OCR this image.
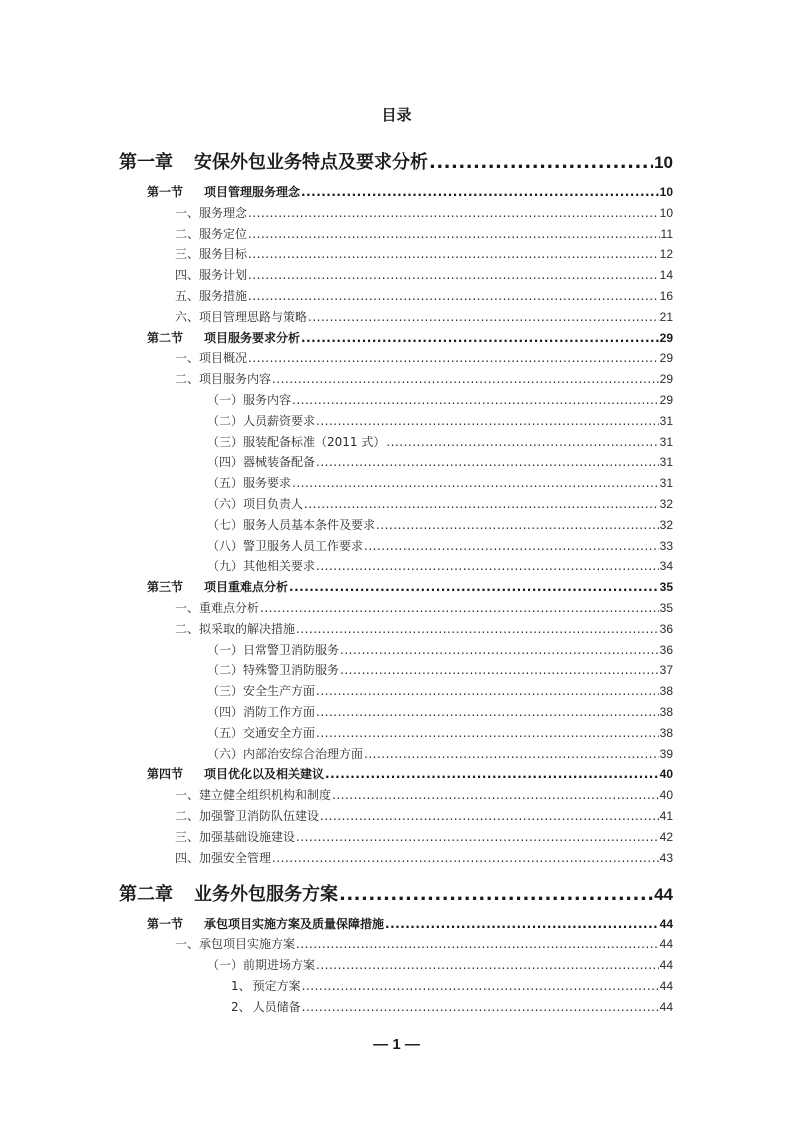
目录
第一章	安保外包业务特点及要求分析 .....	10
第一节	项目管理服务理念 .....	10
一、服务理念 .....	10
二、服务定位 .....	11
三、服务目标 .....	12
四、服务计划 .....	14
五、服务措施 .....	16
六、项目管理思路与策略 .....	21
第二节	项目服务要求分析 .....	29
一、项目概况 .....	29
二、项目服务内容 .....	29
（一）服务内容 .....	29
（二）人员薪资要求 .....	31
（三）服装配备标准（2011 式） .....	31
（四）器械装备配备 .....	31
（五）服务要求 .....	31
（六）项目负责人 .....	32
（七）服务人员基本条件及要求 .....	32
（八）警卫服务人员工作要求 .....	33
（九）其他相关要求 .....	34
第三节	项目重难点分析 .....	35
一、重难点分析 .....	35
二、拟采取的解决措施 .....	36
（一）日常警卫消防服务 .....	36
（二）特殊警卫消防服务 .....	37
（三）安全生产方面 .....	38
（四）消防工作方面 .....	38
（五）交通安全方面 .....	38
（六）内部治安综合治理方面 .....	39
第四节	项目优化以及相关建议 .....	40
一、建立健全组织机构和制度 .....	40
二、加强警卫消防队伍建设 .....	41
三、加强基础设施建设 .....	42
四、加强安全管理 .....	43
第二章	业务外包服务方案 .....	44
第一节	承包项目实施方案及质量保障措施 .....	44
一、承包项目实施方案 .....	44
（一）前期进场方案 .....	44
1、 预定方案 .....	44
2、 人员储备 .....	44
— 1 —
